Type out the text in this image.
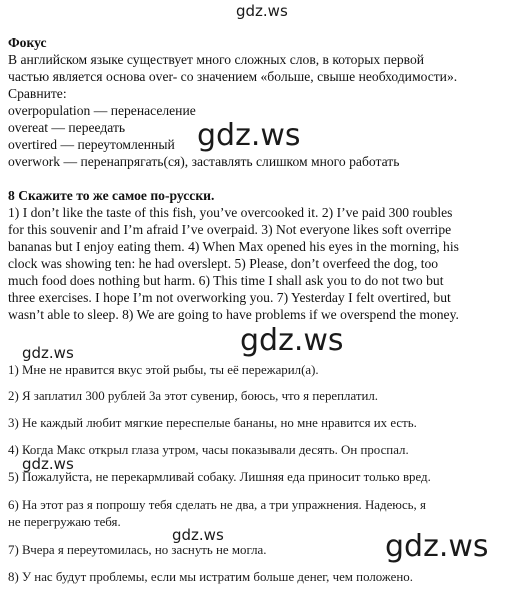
gdz.ws
gdz.ws
gdz.ws
gdz.ws
gdz.ws
gdz.ws	gdz.ws
Фокус
В английском языке существует много сложных слов, в которых первой
частью является основа over- со значением «больше, свыше необходимости».
Сравните:
overpopulation — перенаселение
overeat — переедать
overtired — переутомленный
overwork — перенапрягать(ся), заставлять слишком много работать
8 Скажите то же самое по-русски.
1) I don’t like the taste of this fish, you’ve overcooked it. 2) I’ve paid 300 roubles
for this souvenir and I’m afraid I’ve overpaid. 3) Not everyone likes soft overripe
bananas but I enjoy eating them. 4) When Max opened his eyes in the morning, his
clock was showing ten: he had overslept. 5) Please, don’t overfeed the dog, too
much food does nothing but harm. 6) This time I shall ask you to do not two but
three exercises. I hope I’m not overworking you. 7) Yesterday I felt overtired, but
wasn’t able to sleep. 8) We are going to have problems if we overspend the money.
1) Мне не нравится вкус этой рыбы, ты её пережарил(а).
2) Я заплатил 300 рублей 3а этот сувенир, боюсь, что я переплатил.
3) Не каждый любит мягкие переспелые бананы, но мне нравится их есть.
4) Когда Макс открыл глаза утром, часы показывали десять. Он проспал.
5) Пожалуйста, не перекармливай собаку. Лишняя еда приносит только вред.
6) На этот раз я попрошу тебя сделать не два, а три упражнения. Надеюсь, я
не перегружаю тебя.
7) Вчера я переутомилась, но заснуть не могла.
8) У нас будут проблемы, если мы истратим больше денег, чем положено.
